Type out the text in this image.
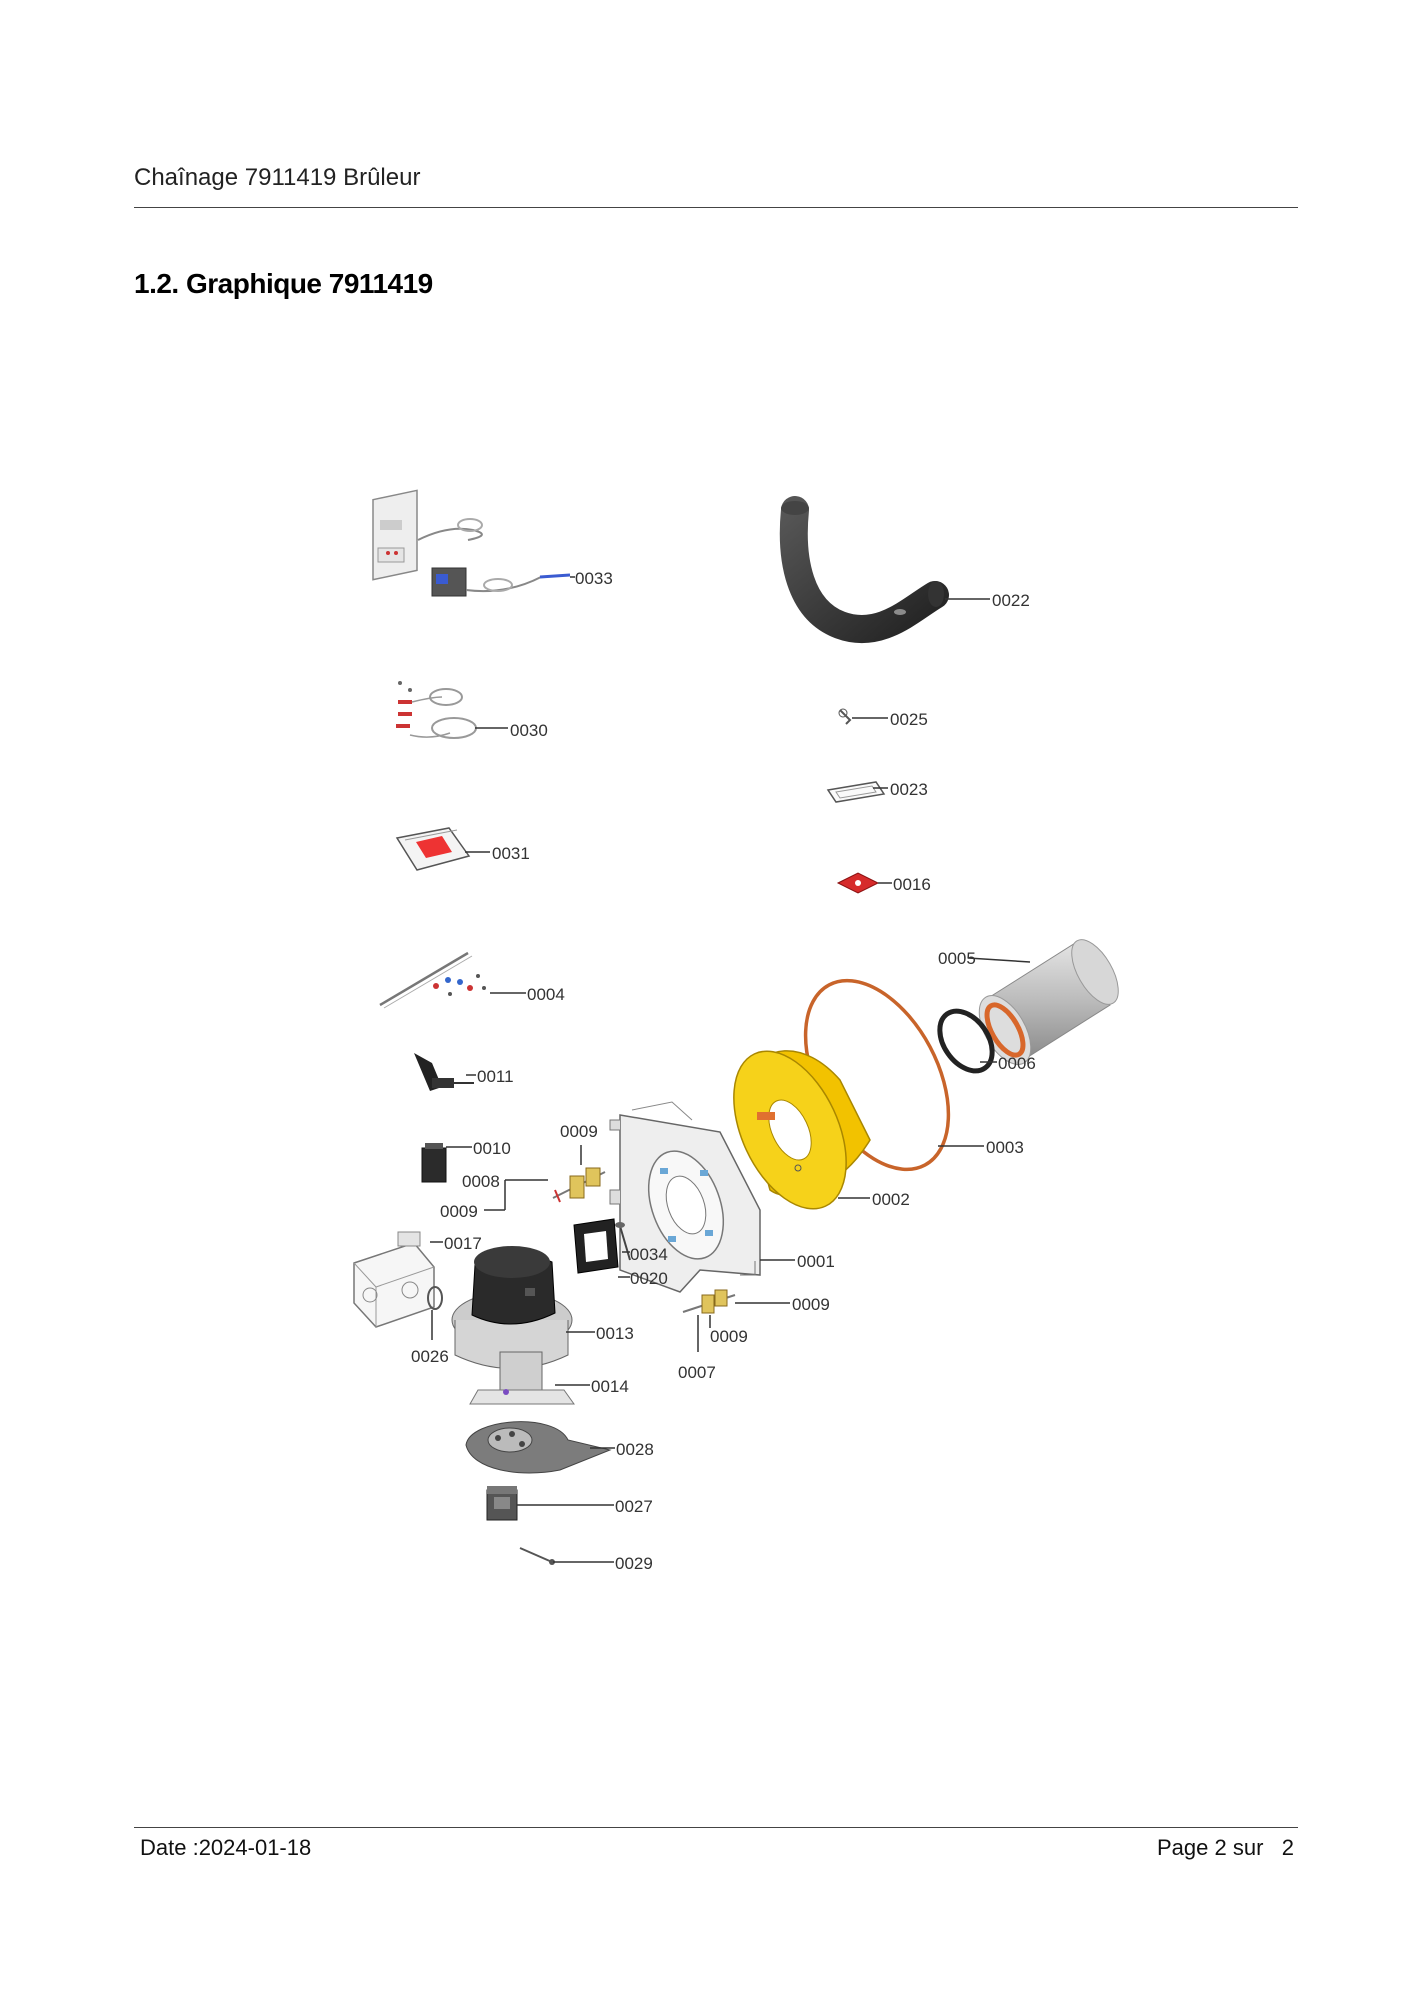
Chaînage 7911419 Brûleur
1.2. Graphique 7911419
0033
0022
0030
0025
0023
0031
0016
0005
0004
0006
0011
0003
0002
0001
0009
0010
0008
0009
0017
0026
0034
0020
0013
0009
0009
0007
0014
0028
0027
0029
Date :2024-01-18	Page 2 sur 2
